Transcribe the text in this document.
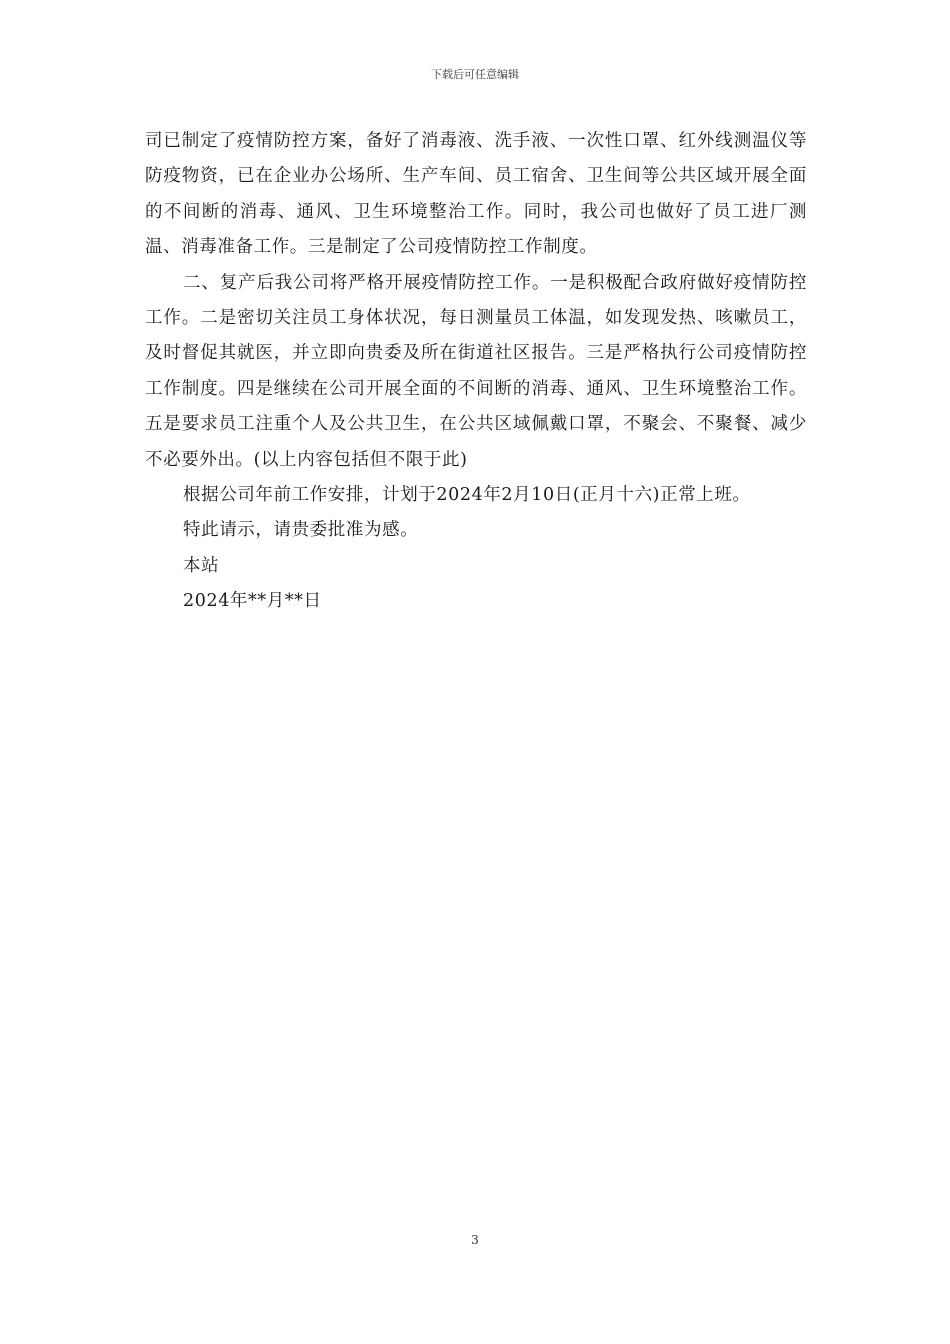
下载后可任意编辑

司已制定了疫情防控方案，备好了消毒液、洗手液、一次性口罩、红外线测温仪等防疫物资，已在企业办公场所、生产车间、员工宿舍、卫生间等公共区域开展全面的不间断的消毒、通风、卫生环境整治工作。同时，我公司也做好了员工进厂测温、消毒准备工作。三是制定了公司疫情防控工作制度。

二、复产后我公司将严格开展疫情防控工作。一是积极配合政府做好疫情防控工作。二是密切关注员工身体状况，每日测量员工体温，如发现发热、咳嗽员工，及时督促其就医，并立即向贵委及所在街道社区报告。三是严格执行公司疫情防控工作制度。四是继续在公司开展全面的不间断的消毒、通风、卫生环境整治工作。五是要求员工注重个人及公共卫生，在公共区域佩戴口罩，不聚会、不聚餐、减少不必要外出。(以上内容包括但不限于此)

根据公司年前工作安排，计划于2024年2月10日(正月十六)正常上班。

特此请示，请贵委批准为感。

本站

2024年**月**日

3
